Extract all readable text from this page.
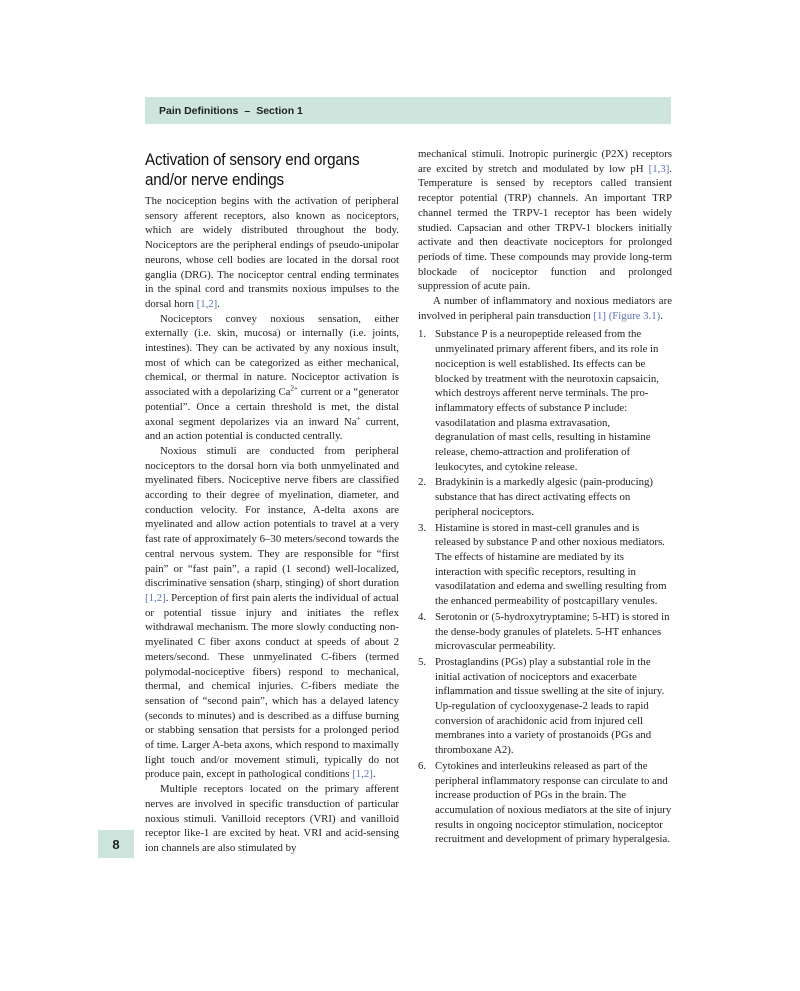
Pain Definitions – Section 1
Activation of sensory end organs and/or nerve endings

The nociception begins with the activation of peripheral sensory afferent receptors, also known as nociceptors, which are widely distributed throughout the body. Nociceptors are the peripheral endings of pseudo-unipolar neurons, whose cell bodies are located in the dorsal root ganglia (DRG). The nociceptor central ending terminates in the spinal cord and transmits noxious impulses to the dorsal horn [1,2].

Nociceptors convey noxious sensation, either externally (i.e. skin, mucosa) or internally (i.e. joints, intestines). They can be activated by any noxious insult, most of which can be categorized as either mechanical, chemical, or thermal in nature. Nociceptor activation is associated with a depolarizing $Ca^{2+}$ current or a “generator potential”. Once a certain threshold is met, the distal axonal segment depolarizes via an inward Na+ current, and an action potential is conducted centrally.

Noxious stimuli are conducted from peripheral nociceptors to the dorsal horn via both unmyelinated and myelinated fibers. Nociceptive nerve fibers are classified according to their degree of myelination, diameter, and conduction velocity. For instance, A-delta axons are myelinated and allow action potentials to travel at a very fast rate of approximately 6–30 meters/second towards the central nervous system. They are responsible for “first pain” or “fast pain”, a rapid (1 second) well-localized, discriminative sensation (sharp, stinging) of short duration [1,2]. Perception of first pain alerts the individual of actual or potential tissue injury and initiates the reflex withdrawal mechanism. The more slowly conducting non-myelinated C fiber axons conduct at speeds of about 2 meters/second. These unmyelinated C-fibers (termed polymodal-nociceptive fibers) respond to mechanical, thermal, and chemical injuries. C-fibers mediate the sensation of “second pain”, which has a delayed latency (seconds to minutes) and is described as a diffuse burning or stabbing sensation that persists for a prolonged period of time. Larger A-beta axons, which respond to maximally light touch and/or movement stimuli, typically do not produce pain, except in pathological conditions [1,2].

Multiple receptors located on the primary afferent nerves are involved in specific transduction of particular noxious stimuli. Vanilloid receptors (VRI) and vanilloid receptor like-1 are excited by heat. VRI and acid-sensing ion channels are also stimulated by

mechanical stimuli. Inotropic purinergic (P2X) receptors are excited by stretch and modulated by low pH [1,3]. Temperature is sensed by receptors called transient receptor potential (TRP) channels. An important TRP channel termed the TRPV-1 receptor has been widely studied. Capsacian and other TRPV-1 blockers initially activate and then deactivate nociceptors for prolonged periods of time. These compounds may provide long-term blockade of nociceptor function and prolonged suppression of acute pain.

A number of inflammatory and noxious mediators are involved in peripheral pain transduction [1] (Figure 3.1).

1. Substance P is a neuropeptide released from the unmyelinated primary afferent fibers, and its role in nociception is well established. Its effects can be blocked by treatment with the neurotoxin capsaicin, which destroys afferent nerve terminals. The pro-inflammatory effects of substance P include: vasodilatation and plasma extravasation, degranulation of mast cells, resulting in histamine release, chemo-attraction and proliferation of leukocytes, and cytokine release.
2. Bradykinin is a markedly algesic (pain-producing) substance that has direct activating effects on peripheral nociceptors.
3. Histamine is stored in mast-cell granules and is released by substance P and other noxious mediators. The effects of histamine are mediated by its interaction with specific receptors, resulting in vasodilatation and edema and swelling resulting from the enhanced permeability of postcapillary venules.
4. Serotonin or (5-hydroxytryptamine; 5-HT) is stored in the dense-body granules of platelets. 5-HT enhances microvascular permeability.
5. Prostaglandins (PGs) play a substantial role in the initial activation of nociceptors and exacerbate inflammation and tissue swelling at the site of injury. Up-regulation of cyclooxygenase-2 leads to rapid conversion of arachidonic acid from injured cell membranes into a variety of prostanoids (PGs and thromboxane A2).
6. Cytokines and interleukins released as part of the peripheral inflammatory response can circulate to and increase production of PGs in the brain. The accumulation of noxious mediators at the site of injury results in ongoing nociceptor stimulation, nociceptor recruitment and development of primary hyperalgesia.
8
